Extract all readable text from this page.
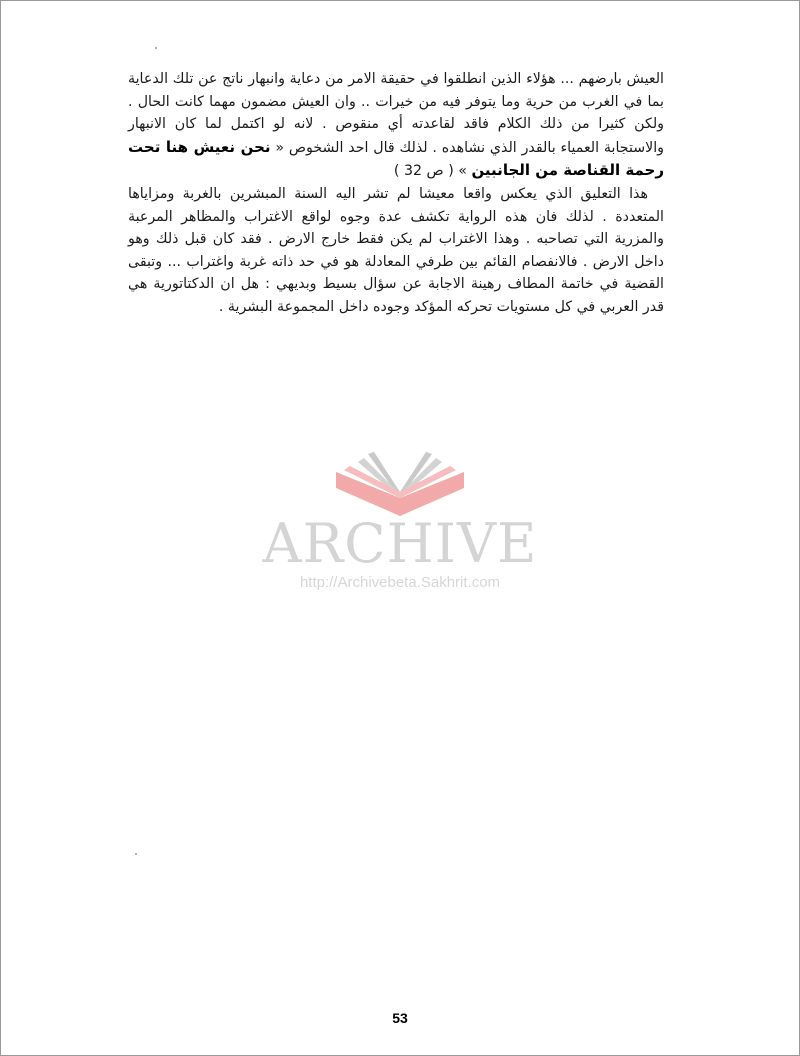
العيش بارضهم ... هؤلاء الذين انطلقوا في حقيقة الامر من دعاية وانبهار ناتج عن تلك الدعاية بما في الغرب من حرية وما يتوفر فيه من خيرات .. وان العيش مضمون مهما كانت الحال . ولكن كثيرا من ذلك الكلام فاقد لقاعدته أي منقوص . لانه لو اكتمل لما كان الانبهار والاستجابة العمياء بالقدر الذي نشاهده . لذلك قال احد الشخوص « نحن نعيش هنا تحت رحمة القناصة من الجانبين » ( ص 32 )

هذا التعليق الذي يعكس واقعا معيشا لم تشر اليه السنة المبشرين بالغربة ومزاياها المتعددة . لذلك فان هذه الرواية تكشف عدة وجوه لواقع الاغتراب والمظاهر المرعبة والمزرية التي تصاحبه . وهذا الاغتراب لم يكن فقط خارج الارض . فقد كان قبل ذلك وهو داخل الارض . فالانفصام القائم بين طرفي المعادلة هو في حد ذاته غربة واغتراب ... وتبقى القضية في خاتمة المطاف رهينة الاجابة عن سؤال بسيط وبديهي : هل ان الدكتاتورية هي قدر العربي في كل مستويات تحركه المؤكد وجوده داخل المجموعة البشرية .

ARCHIVE
http://Archivebeta.Sakhrit.com
53
